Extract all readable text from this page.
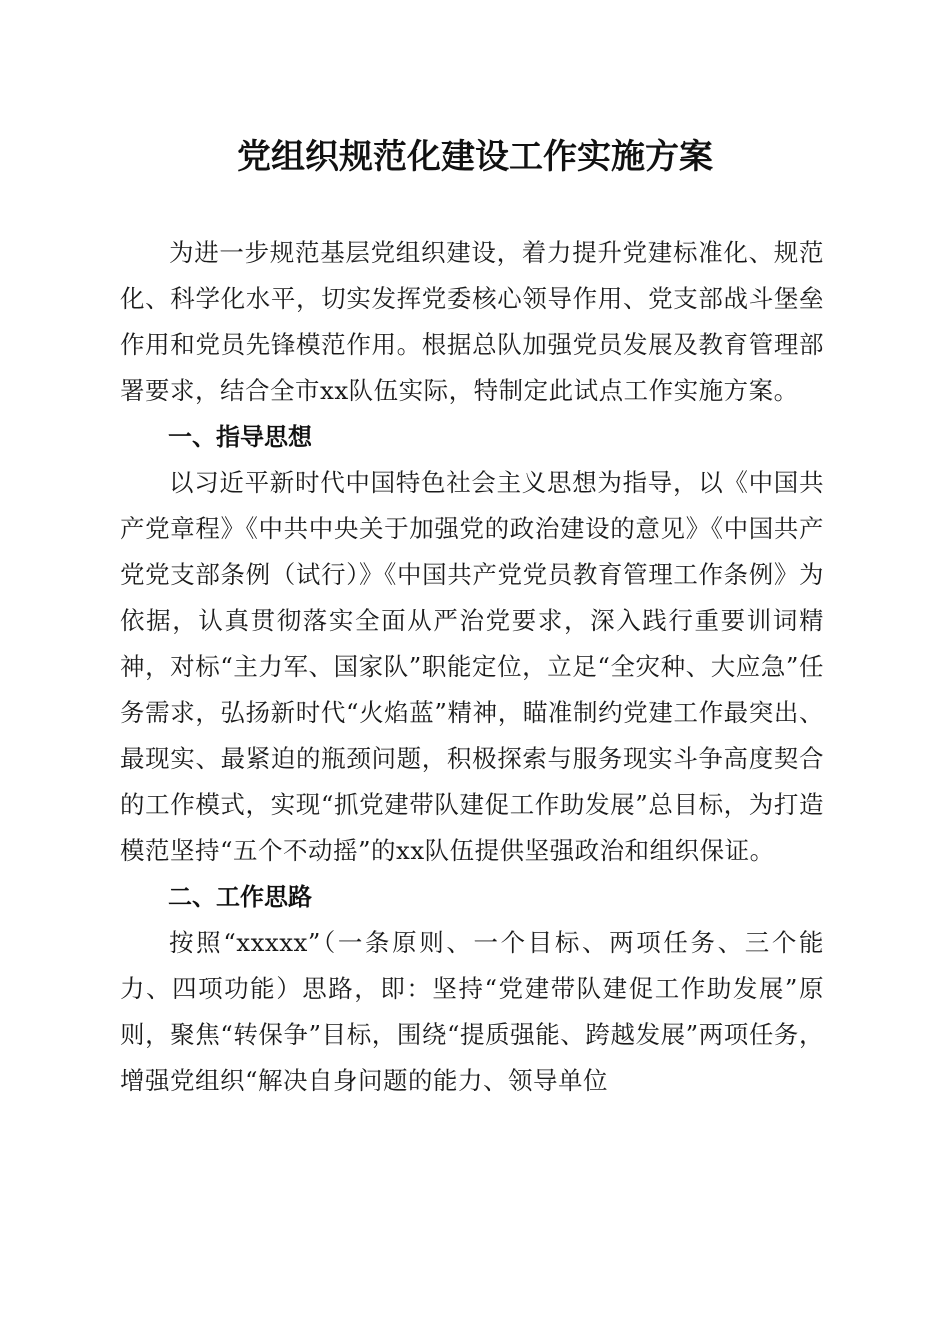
党组织规范化建设工作实施方案

为进一步规范基层党组织建设，着力提升党建标准化、规范化、科学化水平，切实发挥党委核心领导作用、党支部战斗堡垒作用和党员先锋模范作用。根据总队加强党员发展及教育管理部署要求，结合全市xx队伍实际，特制定此试点工作实施方案。

一、指导思想

以习近平新时代中国特色社会主义思想为指导，以《中国共产党章程》《中共中央关于加强党的政治建设的意见》《中国共产党党支部条例（试行）》《中国共产党党员教育管理工作条例》为依据，认真贯彻落实全面从严治党要求，深入践行重要训词精神，对标“主力军、国家队”职能定位，立足“全灾种、大应急”任务需求，弘扬新时代“火焰蓝”精神，瞄准制约党建工作最突出、最现实、最紧迫的瓶颈问题，积极探索与服务现实斗争高度契合的工作模式，实现“抓党建带队建促工作助发展”总目标，为打造模范坚持“五个不动摇”的xx队伍提供坚强政治和组织保证。

二、工作思路

按照“xxxxx”（一条原则、一个目标、两项任务、三个能力、四项功能）思路，即：坚持“党建带队建促工作助发展”原则，聚焦“转保争”目标，围绕“提质强能、跨越发展”两项任务，增强党组织“解决自身问题的能力、领导单位
